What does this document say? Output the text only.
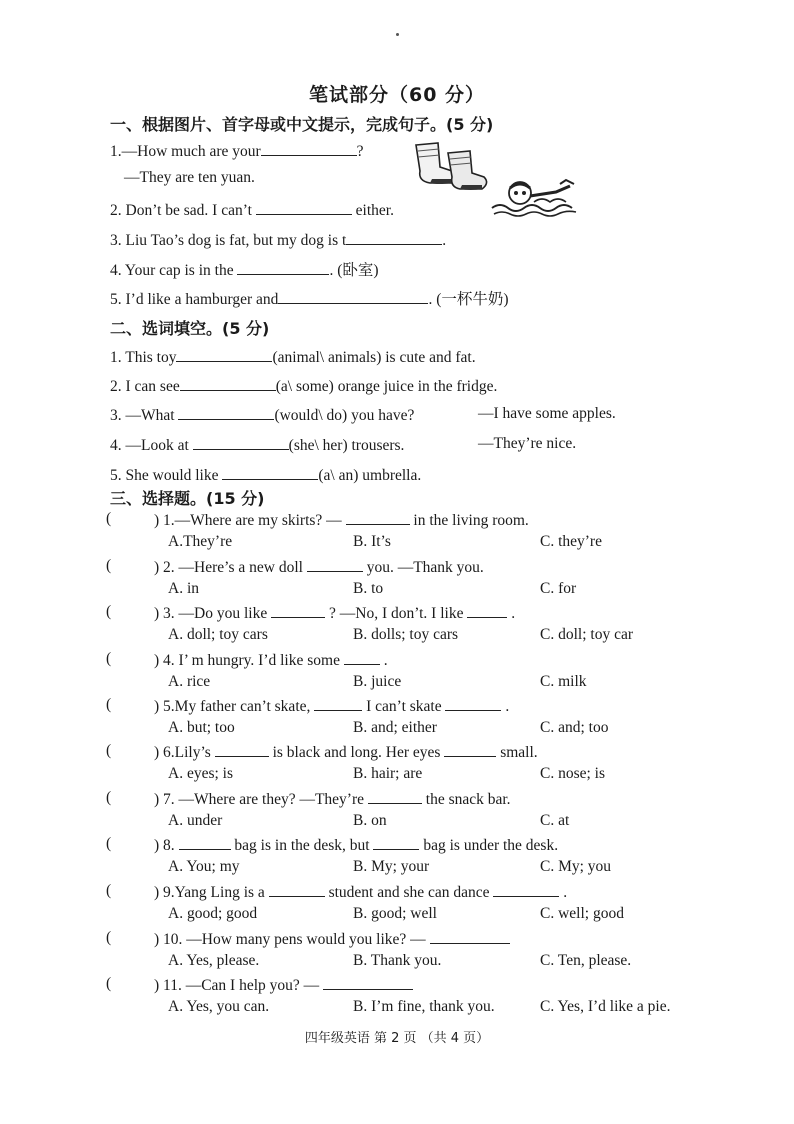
笔试部分（60 分）
一、根据图片、首字母或中文提示，完成句子。(5 分)
1.—How much are your	?
—They are ten yuan.
2. Don’t be sad. I can’t	either.
3. Liu Tao’s dog is fat, but my dog is t	.
4. Your cap is in the	. (卧室)
5. I’d like a hamburger and	. (一杯牛奶)
二、选词填空。(5 分)
1. This toy	(animal\ animals) is cute and fat.
2. I can see	(a\ some) orange juice in the fridge.
3. —What	(would\ do) you have?	—I have some apples.
4. —Look at	(she\ her) trousers.	—They’re nice.
5. She would like	(a\ an) umbrella.
三、选择题。(15 分)
(	) 1.—Where are my skirts? —	in the living room.
A.They’re	B. It’s	C. they’re
(	) 2. —Here’s a new doll	you. —Thank you.
A. in	B. to	C. for
(	) 3. —Do you like	? —No, I don’t. I like	.
A. doll; toy cars	B. dolls; toy cars	C. doll; toy car
(	) 4. I’ m hungry. I’d like some	.
A. rice	B. juice	C. milk
(	) 5.My father can’t skate,	I can’t skate	.
A. but; too	B. and; either	C. and; too
(	) 6.Lily’s	is black and long. Her eyes	small.
A. eyes; is	B. hair; are	C. nose; is
(	) 7. —Where are they? —They’re	the snack bar.
A. under	B. on	C. at
(	) 8.	bag is in the desk, but	bag is under the desk.
A. You; my	B. My; your	C. My; you
(	) 9.Yang Ling is a	student and she can dance	.
A. good; good	B. good; well	C. well; good
(	) 10. —How many pens would you like? —
A. Yes, please.	B. Thank you.	C. Ten, please.
(	) 11. —Can I help you? —
A. Yes, you can.	B. I’m fine, thank you.	C. Yes, I’d like a pie.
四年级英语 第 2 页 （共 4 页）
